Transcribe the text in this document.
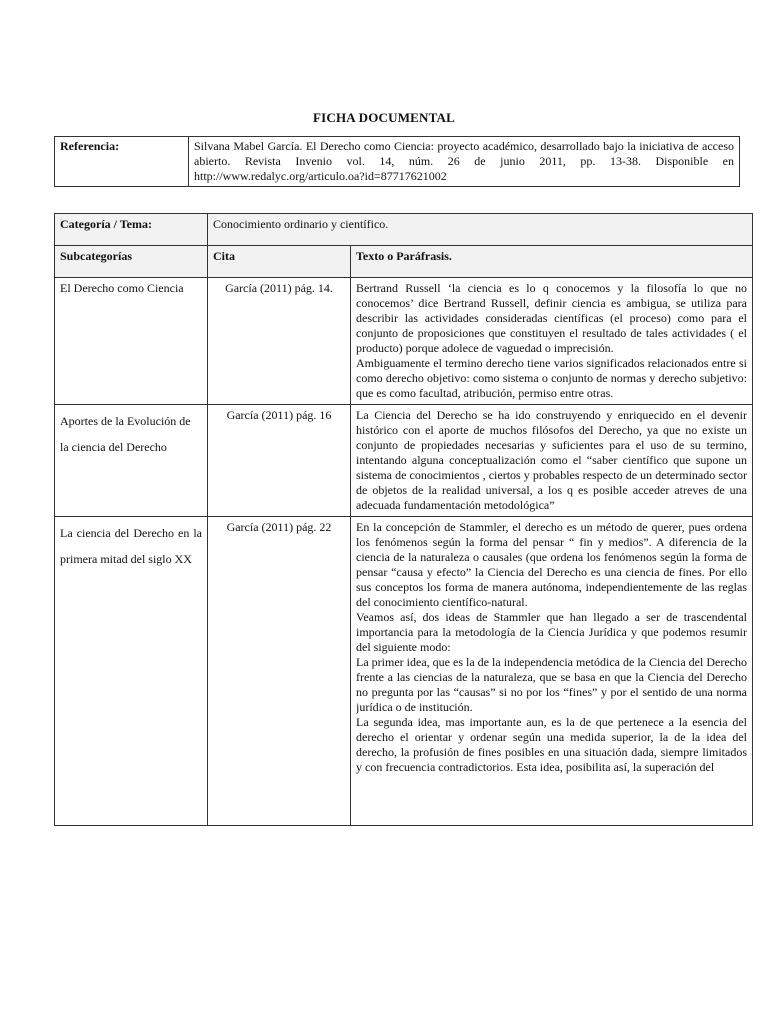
FICHA DOCUMENTAL
Referencia:	Silvana Mabel García. El Derecho como Ciencia: proyecto académico, desarrollado bajo la iniciativa de acceso abierto. Revista Invenio vol. 14, núm. 26 de junio 2011, pp. 13-38. Disponible en http://www.redalyc.org/articulo.oa?id=87717621002
Categoría / Tema:	Conocimiento ordinario y científico.	
Subcategorías	Cita	Texto o Paráfrasis.
El Derecho como Ciencia	García (2011) pág. 14.	Bertrand Russell ‘la ciencia es lo q conocemos y la filosofía lo que no conocemos’ dice Bertrand Russell, definir ciencia es ambigua, se utiliza para describir las actividades consideradas científicas (el proceso) como para el conjunto de proposiciones que constituyen el resultado de tales actividades ( el producto) porque adolece de vaguedad o imprecisión.
Ambiguamente el termino derecho tiene varios significados relacionados entre si como derecho objetivo: como sistema o conjunto de normas y derecho subjetivo: que es como facultad, atribución, permiso entre otras.

Aportes de la Evolución de la ciencia del Derecho	García (2011) pág. 16	La Ciencia del Derecho se ha ido construyendo y enriquecido en el devenir histórico con el aporte de muchos filósofos del Derecho, ya que no existe un conjunto de propiedades necesarias y suficientes para el uso de su termino, intentando alguna conceptualización como el “saber científico que supone un sistema de conocimientos , ciertos y probables respecto de un determinado sector de objetos de la realidad universal, a los q es posible acceder atreves de una adecuada fundamentación metodológica”

La ciencia del Derecho en la primera mitad del siglo XX	García (2011) pág. 22	En la concepción de Stammler, el derecho es un método de querer, pues ordena los fenómenos según la forma del pensar “ fin y medios”. A diferencia de la ciencia de la naturaleza o causales (que ordena los fenómenos según la forma de pensar “causa y efecto” la Ciencia del Derecho es una ciencia de fines. Por ello sus conceptos los forma de manera autónoma, independientemente de las reglas del conocimiento científico-natural.
Veamos así, dos ideas de Stammler que han llegado a ser de trascendental importancia para la metodología de la Ciencia Jurídica y que podemos resumir del siguiente modo:
La primer idea, que es la de la independencia metódica de la Ciencia del Derecho frente a las ciencias de la naturaleza, que se basa en que la Ciencia del Derecho no pregunta por las “causas” si no por los “fines” y por el sentido de una norma jurídica o de institución.
La segunda idea, mas importante aun, es la de que pertenece a la esencia del derecho el orientar y ordenar según una medida superior, la de la idea del derecho, la profusión de fines posibles en una situación dada, siempre limitados y con frecuencia contradictorios. Esta idea, posibilita así, la superación del
